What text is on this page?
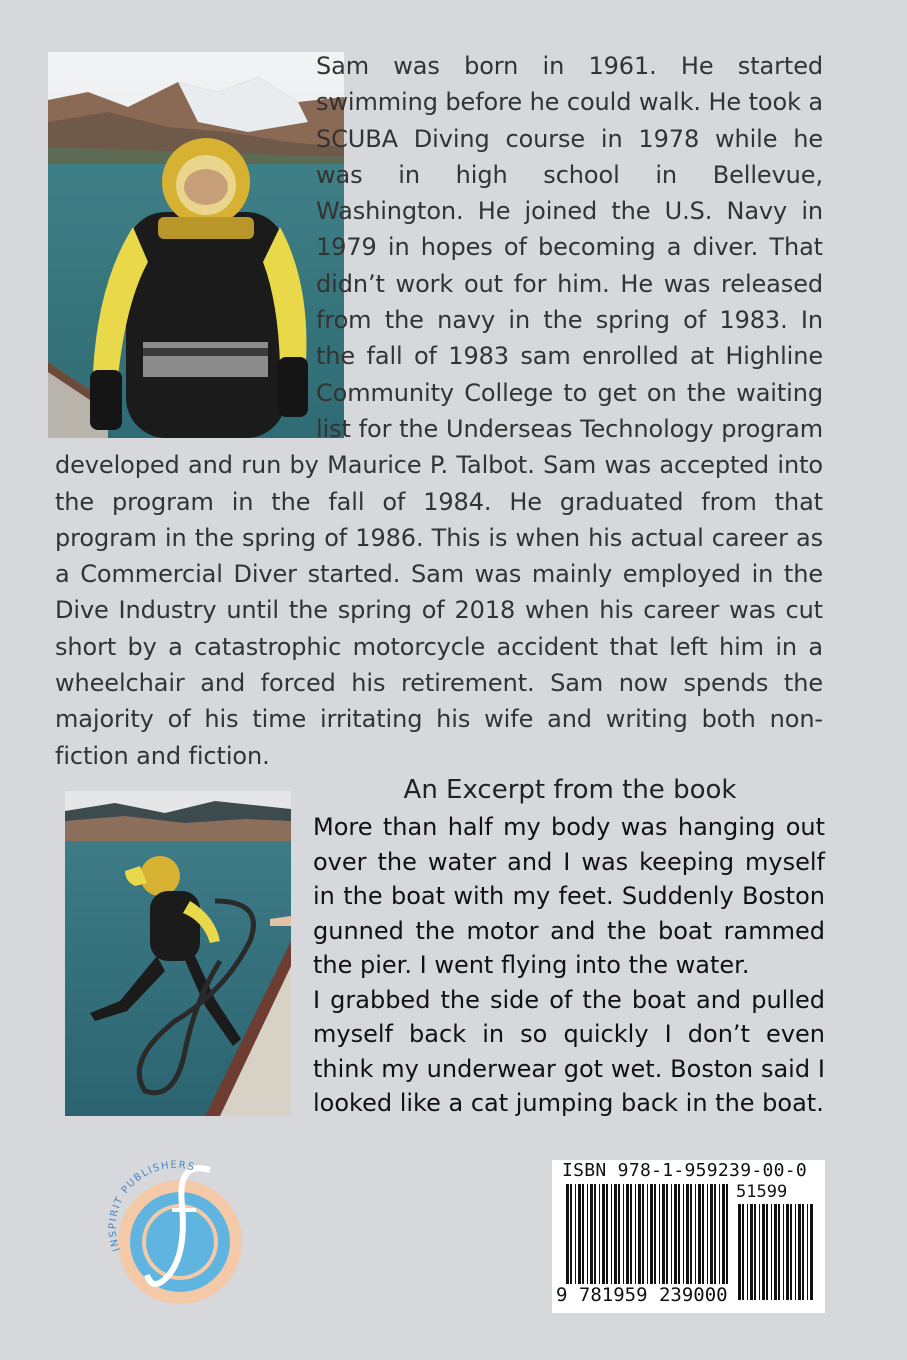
Sam was born in 1961. He started swimming before he could walk. He took a SCUBA Diving course in 1978 while he was in high school in Bellevue, Washington. He joined the U.S. Navy in 1979 in hopes of becoming a diver. That didn’t work out for him. He was released from the navy in the spring of 1983. In the fall of 1983 sam enrolled at Highline Community College to get on the waiting list for the Underseas Technology program developed and run by Maurice P. Talbot. Sam was accepted into the program in the fall of 1984. He graduated from that program in the spring of 1986. This is when his actual career as a Commercial Diver started. Sam was mainly employed in the Dive Industry until the spring of 2018 when his career was cut short by a catastrophic motorcycle accident that left him in a wheelchair and forced his retirement. Sam now spends the majority of his time irritating his wife and writing both non-fiction and fiction.
An Excerpt from the book

More than half my body was hanging out over the water and I was keeping myself in the boat with my feet. Suddenly Boston gunned the motor and the boat rammed the pier. I went flying into the water.

I grabbed the side of the boat and pulled myself back in so quickly I don’t even think my underwear got wet. Boston said I looked like a cat jumping back in the boat.

INSPIRIT PUBLISHERS	ISBN 978-1-959239-00-0
51599
9 781959 239000
